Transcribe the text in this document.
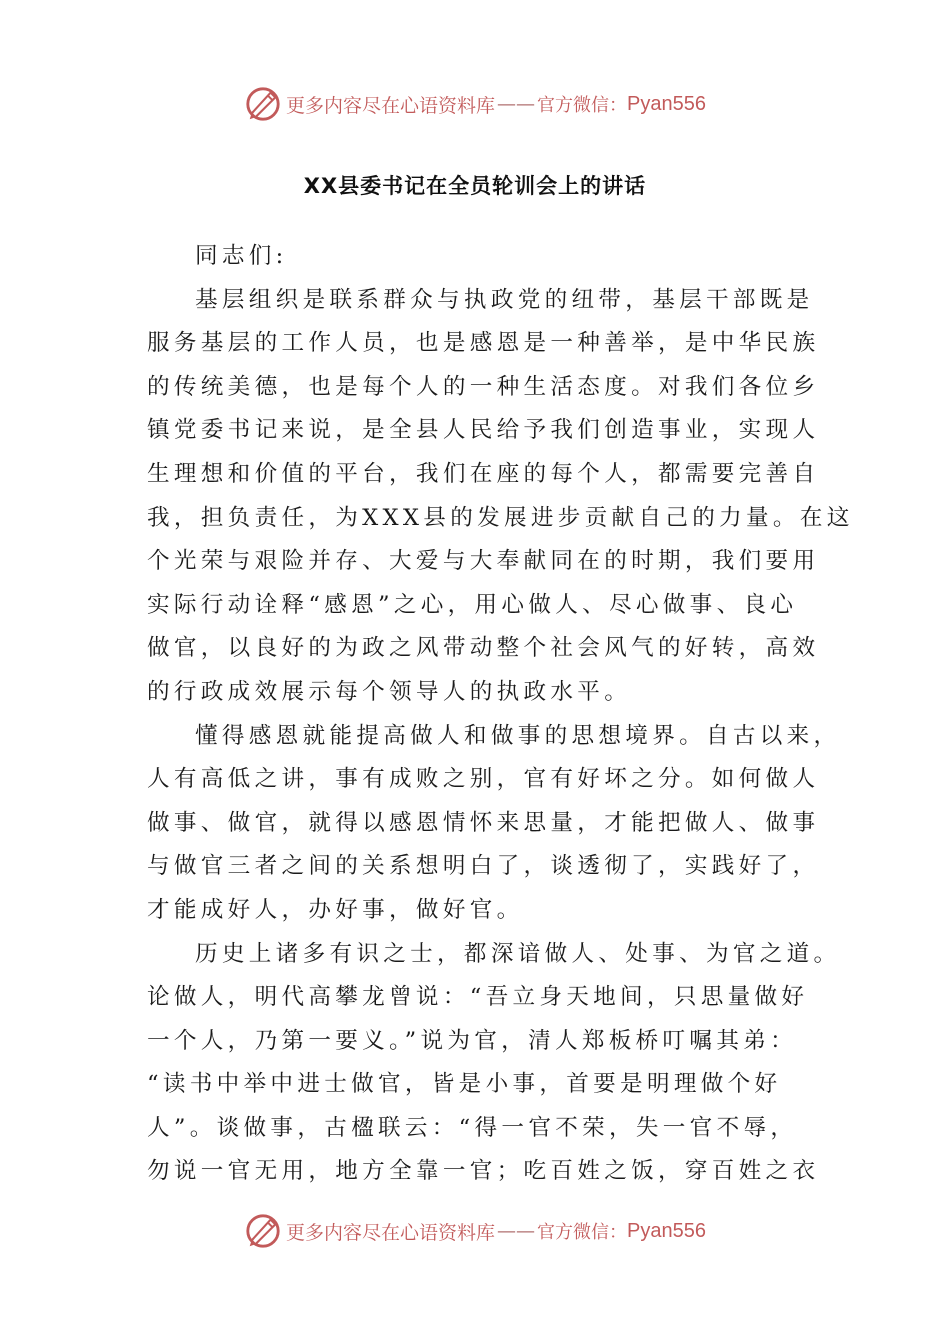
更多内容尽在心语资料库 —— 官方微信： Pyan556
XX县委书记在全员轮训会上的讲话
同志们:
基层组织是联系群众与执政党的纽带，基层干部既是
服务基层的工作人员，也是感恩是一种善举，是中华民族
的传统美德，也是每个人的一种生活态度。对我们各位乡
镇党委书记来说，是全县人民给予我们创造事业，实现人
生理想和价值的平台，我们在座的每个人，都需要完善自
我，担负责任，为XXX县的发展进步贡献自己的力量。在这
个光荣与艰险并存、大爱与大奉献同在的时期，我们要用
实际行动诠释“感恩”之心，用心做人、尽心做事、良心
做官，以良好的为政之风带动整个社会风气的好转，高效
的行政成效展示每个领导人的执政水平。
懂得感恩就能提高做人和做事的思想境界。自古以来，
人有高低之讲，事有成败之别，官有好坏之分。如何做人
做事、做官，就得以感恩情怀来思量，才能把做人、做事
与做官三者之间的关系想明白了，谈透彻了，实践好了，
才能成好人，办好事，做好官。
历史上诸多有识之士，都深谙做人、处事、为官之道。
论做人，明代高攀龙曾说：“吾立身天地间，只思量做好
一个人，乃第一要义。”说为官，清人郑板桥叮嘱其弟：
“读书中举中进士做官，皆是小事，首要是明理做个好
人”。谈做事，古楹联云：“得一官不荣，失一官不辱，
勿说一官无用，地方全靠一官；吃百姓之饭，穿百姓之衣
更多内容尽在心语资料库 —— 官方微信： Pyan556
